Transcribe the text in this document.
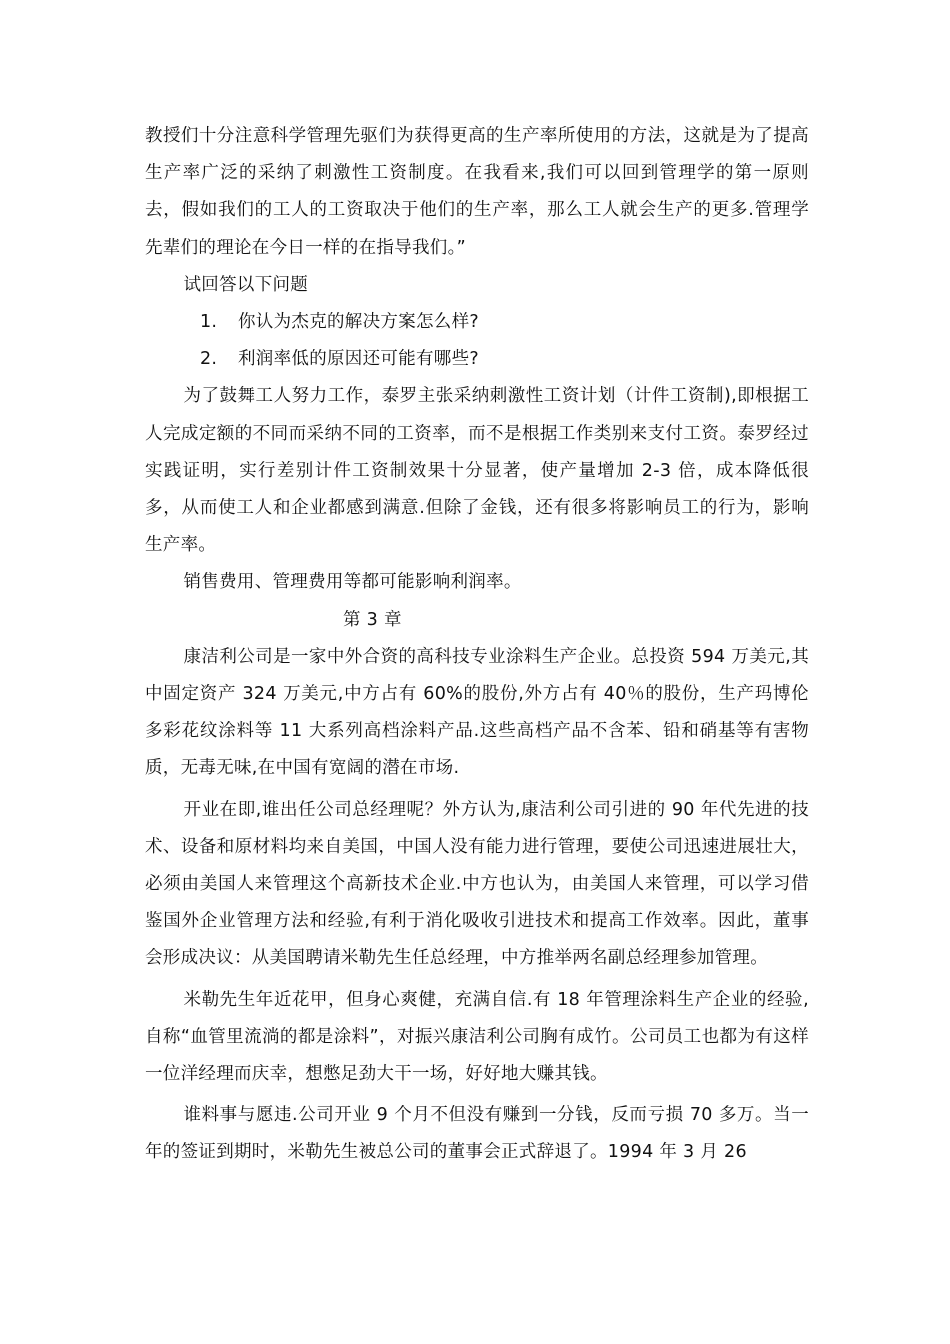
教授们十分注意科学管理先驱们为获得更高的生产率所使用的方法，这就是为了提高生产率广泛的采纳了刺激性工资制度。在我看来,我们可以回到管理学的第一原则去，假如我们的工人的工资取决于他们的生产率，那么工人就会生产的更多.管理学先辈们的理论在今日一样的在指导我们。”

试回答以下问题

1. 你认为杰克的解决方案怎么样?

2. 利润率低的原因还可能有哪些?

为了鼓舞工人努力工作，泰罗主张采纳刺激性工资计划（计件工资制),即根据工人完成定额的不同而采纳不同的工资率，而不是根据工作类别来支付工资。泰罗经过实践证明，实行差别计件工资制效果十分显著，使产量增加 2-3 倍，成本降低很多，从而使工人和企业都感到满意.但除了金钱，还有很多将影响员工的行为，影响生产率。

销售费用、管理费用等都可能影响利润率。

第 3 章

康洁利公司是一家中外合资的高科技专业涂料生产企业。总投资 594 万美元,其中固定资产 324 万美元,中方占有 60%的股份,外方占有 40％的股份，生产玛博伦多彩花纹涂料等 11 大系列高档涂料产品.这些高档产品不含苯、铅和硝基等有害物质，无毒无味,在中国有宽阔的潜在市场.

开业在即,谁出任公司总经理呢？外方认为,康洁利公司引进的 90 年代先进的技术、设备和原材料均来自美国，中国人没有能力进行管理，要使公司迅速进展壮大，必须由美国人来管理这个高新技术企业.中方也认为，由美国人来管理，可以学习借鉴国外企业管理方法和经验,有利于消化吸收引进技术和提高工作效率。因此，董事会形成决议：从美国聘请米勒先生任总经理，中方推举两名副总经理参加管理。

米勒先生年近花甲，但身心爽健，充满自信.有 18 年管理涂料生产企业的经验,自称“血管里流淌的都是涂料”，对振兴康洁利公司胸有成竹。公司员工也都为有这样一位洋经理而庆幸，想憋足劲大干一场，好好地大赚其钱。

谁料事与愿违.公司开业 9 个月不但没有赚到一分钱，反而亏损 70 多万。当一年的签证到期时，米勒先生被总公司的董事会正式辞退了。1994 年 3 月 26
